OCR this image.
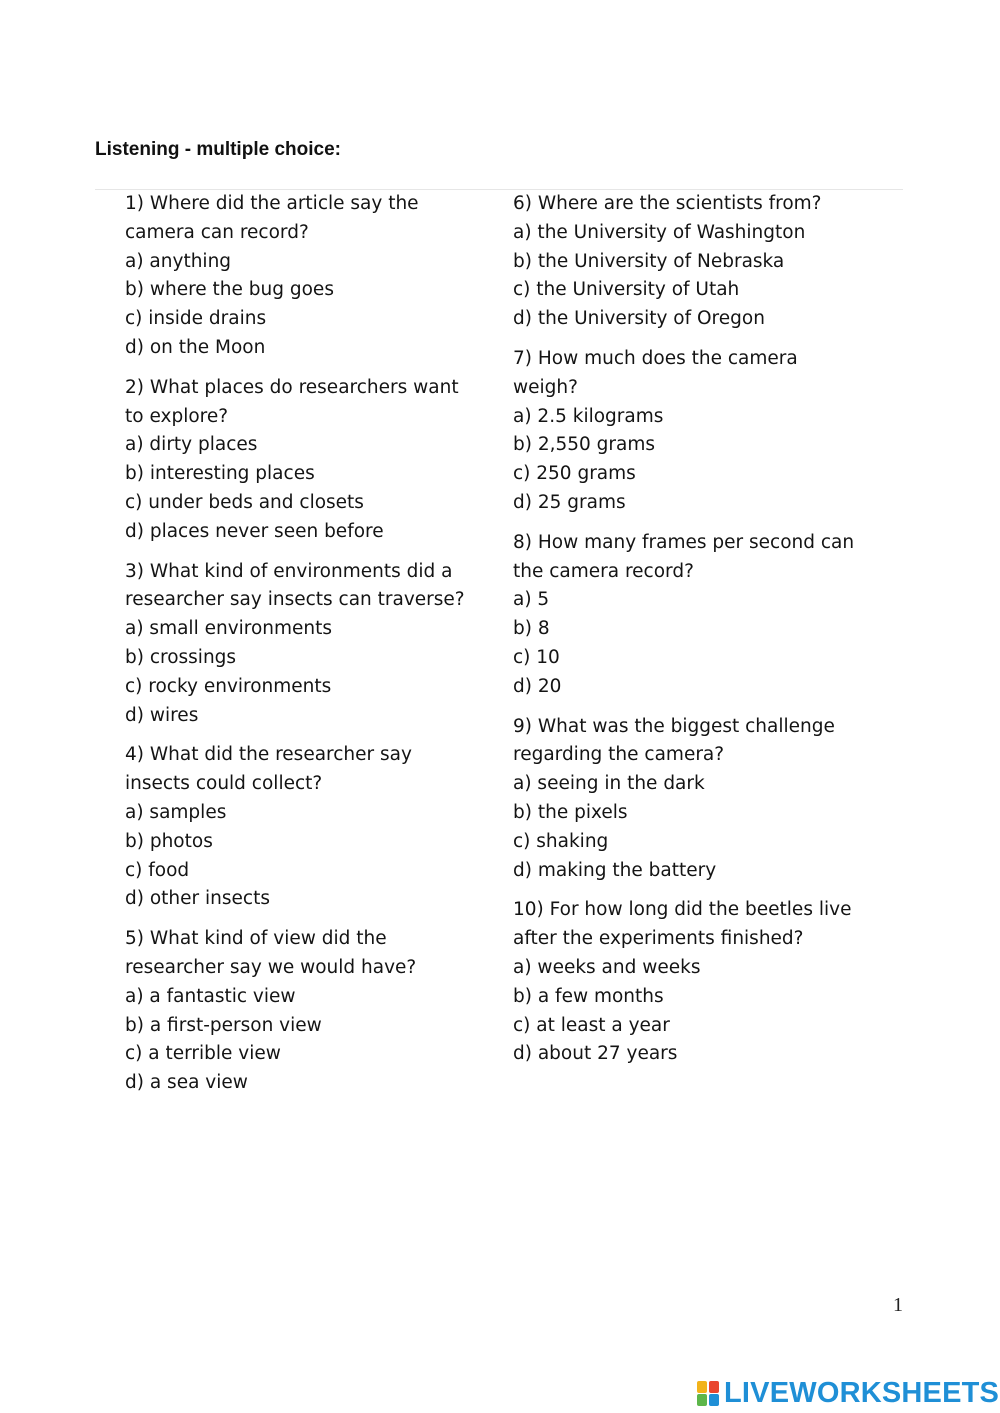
Listening - multiple choice:
1) Where did the article say the
camera can record?
a) anything
b) where the bug goes
c) inside drains
d) on the Moon
2) What places do researchers want
to explore?
a) dirty places
b) interesting places
c) under beds and closets
d) places never seen before
3) What kind of environments did a
researcher say insects can traverse?
a) small environments
b) crossings
c) rocky environments
d) wires
4) What did the researcher say
insects could collect?
a) samples
b) photos
c) food
d) other insects
5) What kind of view did the
researcher say we would have?
a) a fantastic view
b) a first-person view
c) a terrible view
d) a sea view
6) Where are the scientists from?
a) the University of Washington
b) the University of Nebraska
c) the University of Utah
d) the University of Oregon
7) How much does the camera
weigh?
a) 2.5 kilograms
b) 2,550 grams
c) 250 grams
d) 25 grams
8) How many frames per second can
the camera record?
a) 5
b) 8
c) 10
d) 20
9) What was the biggest challenge
regarding the camera?
a) seeing in the dark
b) the pixels
c) shaking
d) making the battery
10) For how long did the beetles live
after the experiments finished?
a) weeks and weeks
b) a few months
c) at least a year
d) about 27 years
1
LIVEWORKSHEETS
